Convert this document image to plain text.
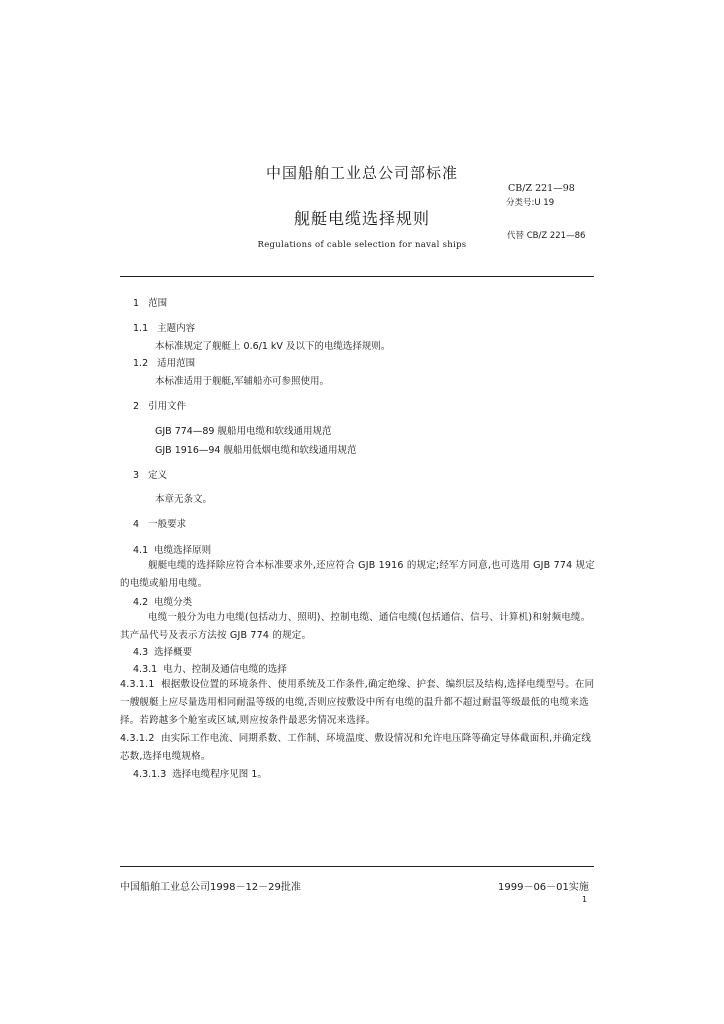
中国船舶工业总公司部标准
CB/Z 221—98
分类号:U 19
舰艇电缆选择规则
代替 CB/Z 221—86
Regulations of cable selection for naval ships
1 范围
1.1 主题内容
本标准规定了舰艇上 0.6/1 kV 及以下的电缆选择规则。
1.2 适用范围
本标准适用于舰艇,军辅船亦可参照使用。
2 引用文件
GJB 774—89 舰船用电缆和软线通用规范
GJB 1916—94 舰船用低烟电缆和软线通用规范
3 定义
本章无条文。
4 一般要求
4.1 电缆选择原则
舰艇电缆的选择除应符合本标准要求外,还应符合 GJB 1916 的规定;经军方同意,也可选用 GJB 774 规定的电缆或船用电缆。
4.2 电缆分类
电缆一般分为电力电缆(包括动力、照明)、控制电缆、通信电缆(包括通信、信号、计算机)和射频电缆。其产品代号及表示方法按 GJB 774 的规定。
4.3 选择概要
4.3.1 电力、控制及通信电缆的选择
4.3.1.1 根据敷设位置的环境条件、使用系统及工作条件,确定绝缘、护套、编织层及结构,选择电缆型号。在同一艘舰艇上应尽量选用相同耐温等级的电缆,否则应按敷设中所有电缆的温升都不超过耐温等级最低的电缆来选择。若跨越多个舱室或区域,则应按条件最恶劣情况来选择。
4.3.1.2 由实际工作电流、同期系数、工作制、环境温度、敷设情况和允许电压降等确定导体截面积,并确定线芯数,选择电缆规格。
4.3.1.3 选择电缆程序见图 1。
中国船舶工业总公司1998－12－29批准	1999－06－01实施
1
